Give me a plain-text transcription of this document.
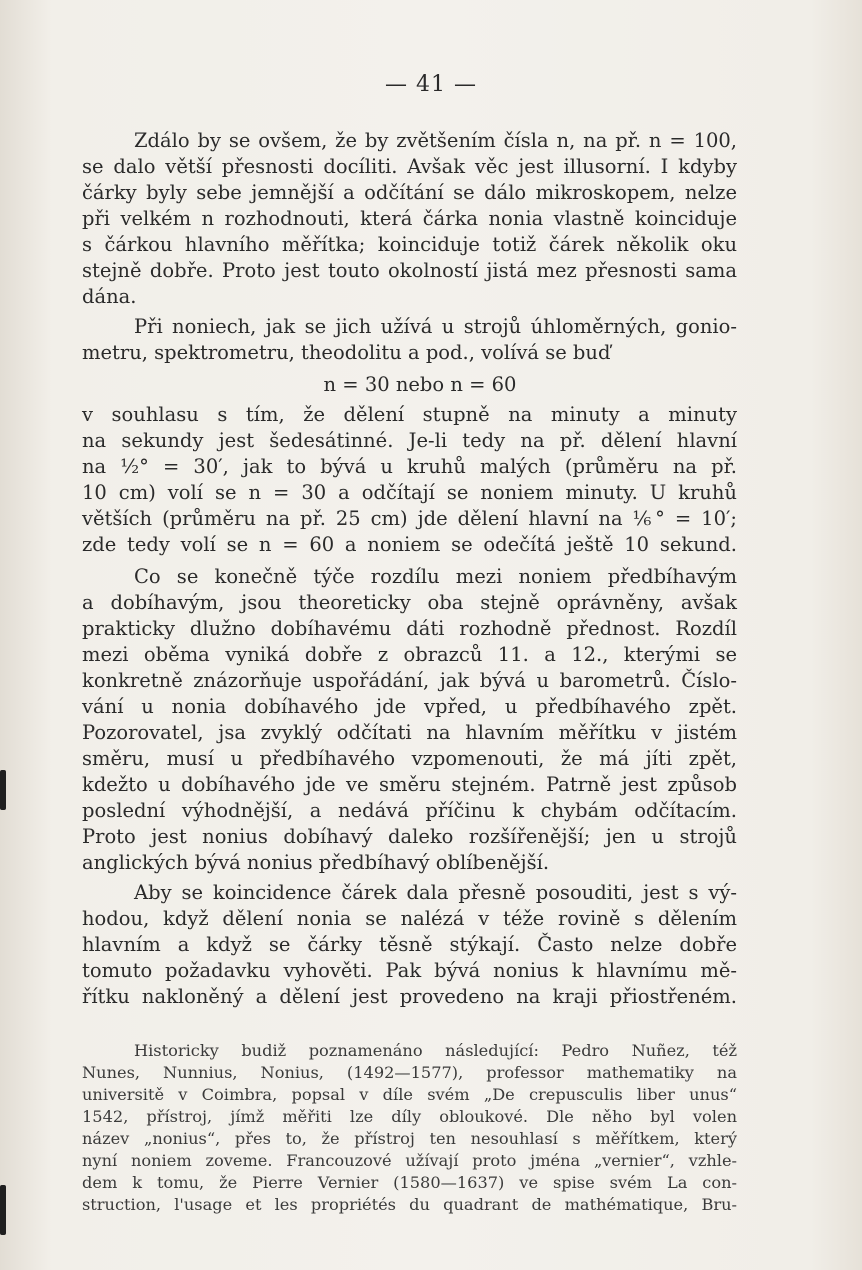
— 41 —
Zdálo by se ovšem, že by zvětšením čísla n, na př. n = 100,
se dalo větší přesnosti docíliti. Avšak věc jest illusorní. I kdyby
čárky byly sebe jemnější a odčítání se dálo mikroskopem, nelze
při velkém n rozhodnouti, která čárka nonia vlastně koinciduje
s čárkou hlavního měřítka; koinciduje totiž čárek několik oku
stejně dobře. Proto jest touto okolností jistá mez přesnosti sama
dána.
Při noniech, jak se jich užívá u strojů úhloměrných, gonio-
metru, spektrometru, theodolitu a pod., volívá se buď
n = 30 nebo n = 60
v souhlasu s tím, že dělení stupně na minuty a minuty
na sekundy jest šedesátinné. Je-li tedy na př. dělení hlavní
na ½° = 30′, jak to bývá u kruhů malých (průměru na př.
10 cm) volí se n = 30 a odčítají se noniem minuty. U kruhů
větších (průměru na př. 25 cm) jde dělení hlavní na ⅙° = 10′;
zde tedy volí se n = 60 a noniem se odečítá ještě 10 sekund.
Co se konečně týče rozdílu mezi noniem předbíhavým
a dobíhavým, jsou theoreticky oba stejně oprávněny, avšak
prakticky dlužno dobíhavému dáti rozhodně přednost. Rozdíl
mezi oběma vyniká dobře z obrazců 11. a 12., kterými se
konkretně znázorňuje uspořádání, jak bývá u barometrů. Číslo-
vání u nonia dobíhavého jde vpřed, u předbíhavého zpět.
Pozorovatel, jsa zvyklý odčítati na hlavním měřítku v jistém
směru, musí u předbíhavého vzpomenouti, že má jíti zpět,
kdežto u dobíhavého jde ve směru stejném. Patrně jest způsob
poslední výhodnější, a nedává příčinu k chybám odčítacím.
Proto jest nonius dobíhavý daleko rozšířenější; jen u strojů
anglických bývá nonius předbíhavý oblíbenější.
Aby se koincidence čárek dala přesně posouditi, jest s vý-
hodou, když dělení nonia se nalézá v téže rovině s dělením
hlavním a když se čárky těsně stýkají. Často nelze dobře
tomuto požadavku vyhověti. Pak bývá nonius k hlavnímu mě-
řítku nakloněný a dělení jest provedeno na kraji přiostřeném.
Historicky budiž poznamenáno následující: Pedro Nuñez, též
Nunes, Nunnius, Nonius, (1492—1577), professor mathematiky na
universitě v Coimbra, popsal v díle svém „De crepusculis liber unus“
1542, přístroj, jímž měřiti lze díly obloukové. Dle něho byl volen
název „nonius“, přes to, že přístroj ten nesouhlasí s měřítkem, který
nyní noniem zoveme. Francouzové užívají proto jména „vernier“, vzhle-
dem k tomu, že Pierre Vernier (1580—1637) ve spise svém La con-
struction, l'usage et les propriétés du quadrant de mathématique, Bru-
